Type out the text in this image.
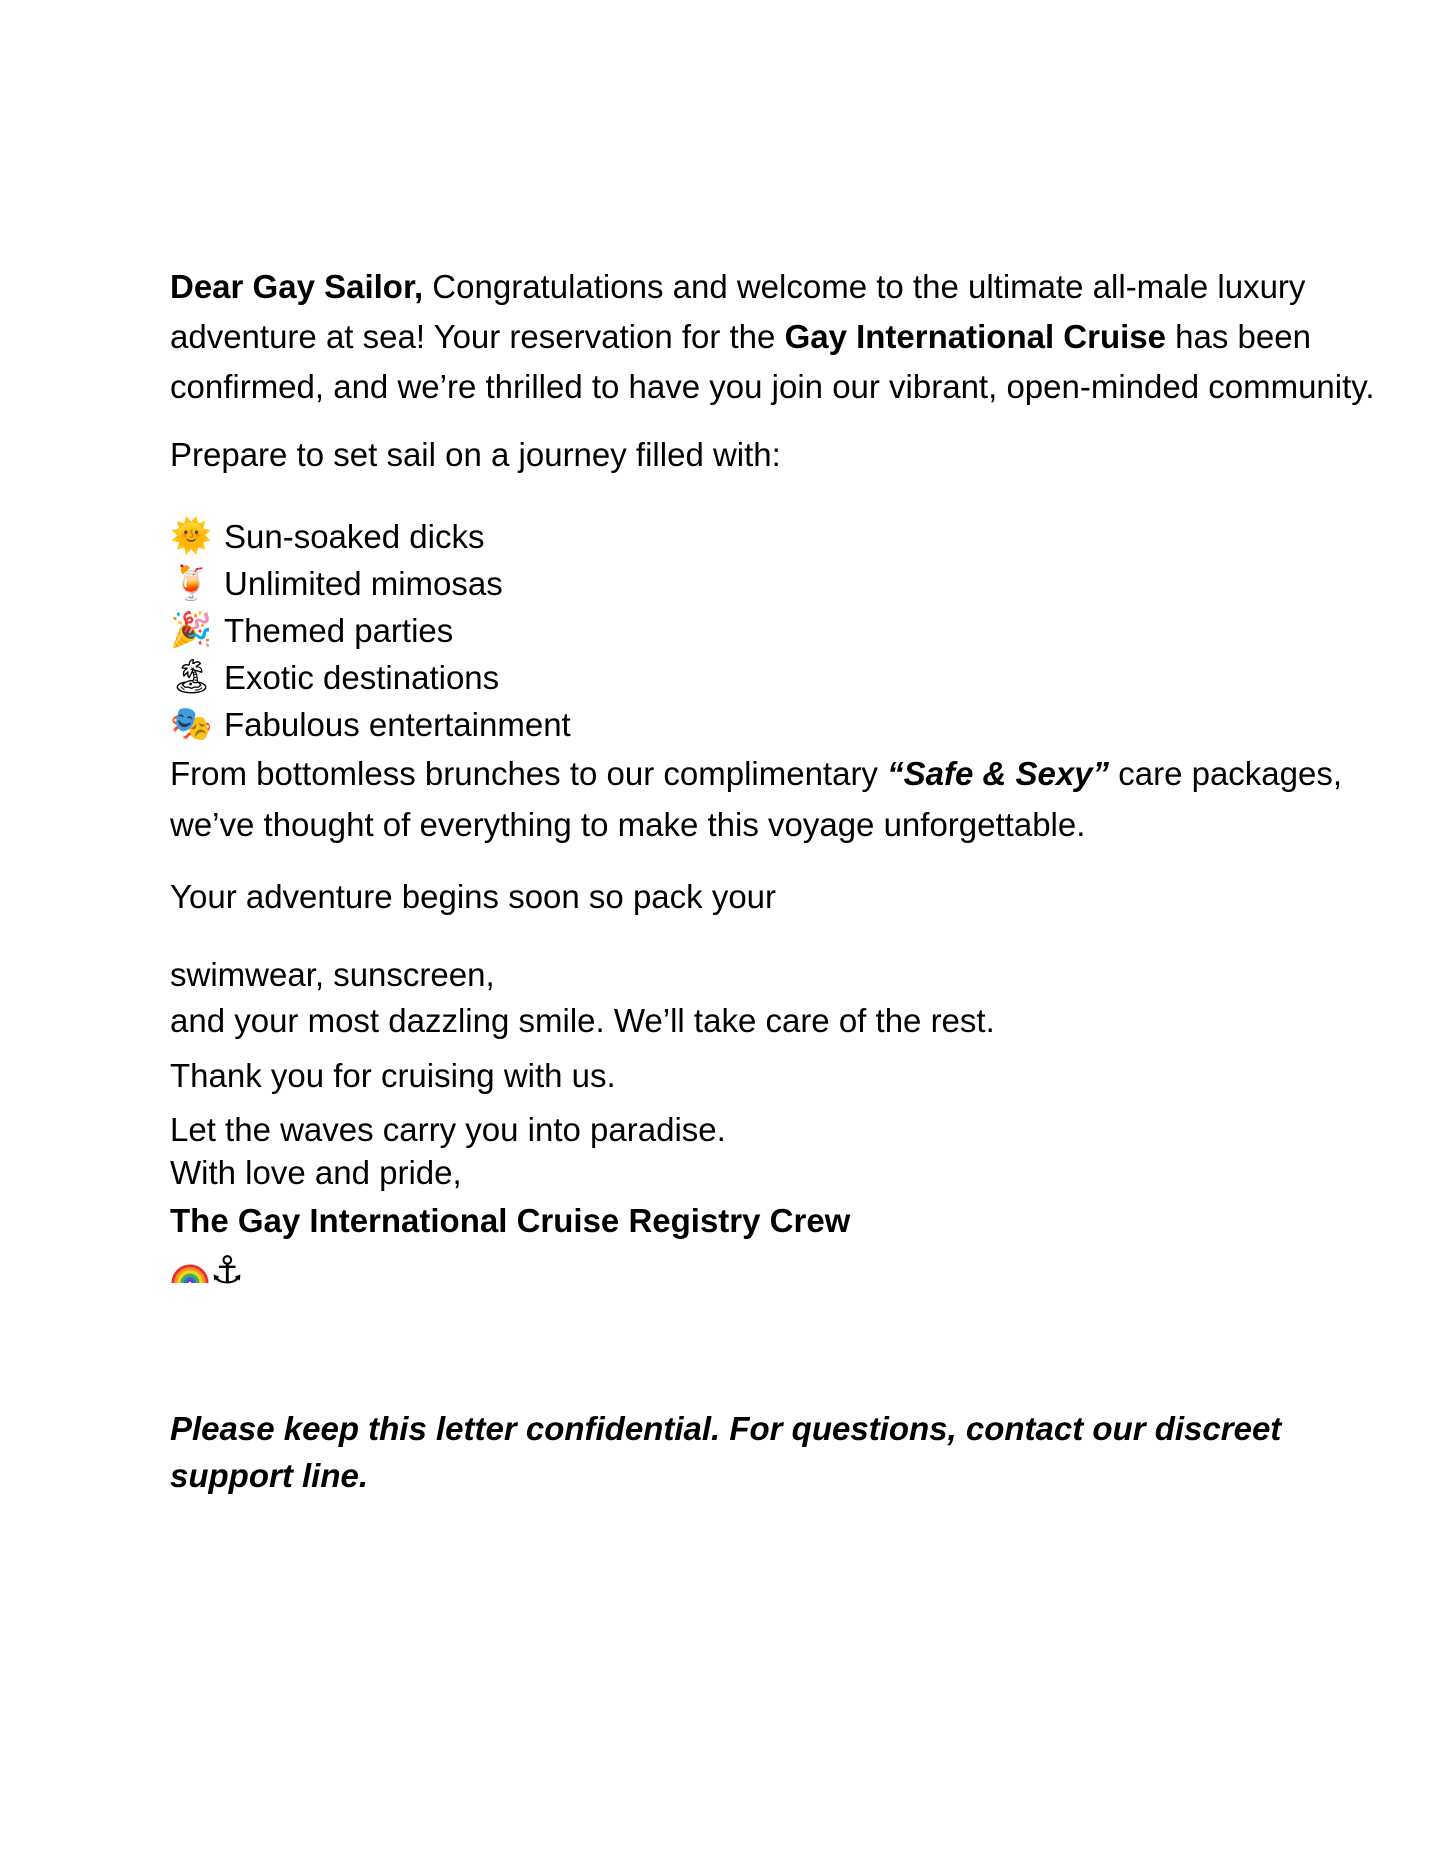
Dear Gay Sailor, Congratulations and welcome to the ultimate all-male luxury adventure at sea! Your reservation for the Gay International Cruise has been confirmed, and we’re thrilled to have you join our vibrant, open-minded community.

Prepare to set sail on a journey filled with:

🌞 Sun-soaked dicks
🍹 Unlimited mimosas
🎉 Themed parties
🏝 Exotic destinations
🎭 Fabulous entertainment

From bottomless brunches to our complimentary “Safe & Sexy” care packages, we’ve thought of everything to make this voyage unforgettable.

Your adventure begins soon so pack your

swimwear, sunscreen,
and your most dazzling smile. We’ll take care of the rest.

Thank you for cruising with us.

Let the waves carry you into paradise.
With love and pride,

The Gay International Cruise Registry Crew

⚓

Please keep this letter confidential. For questions, contact our discreet support line.
